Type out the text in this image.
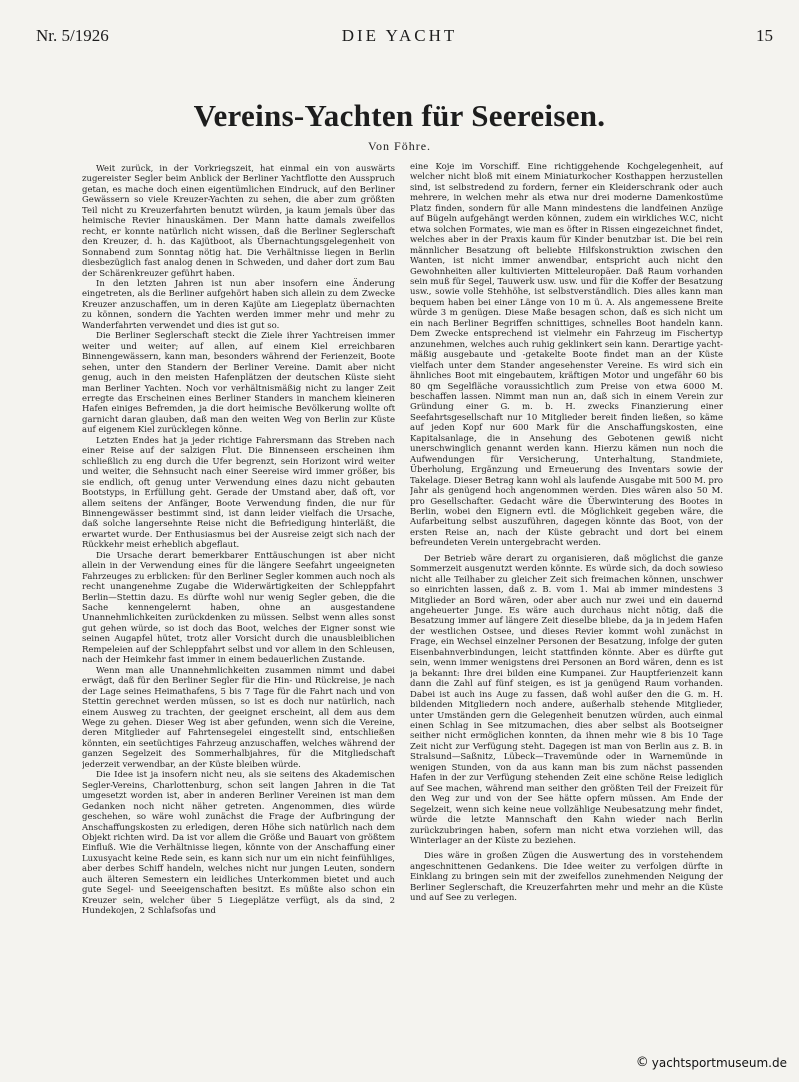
Nr. 5/1926	DIE YACHT	15
Vereins-Yachten für Seereisen.
Von Föhre.

Weit zurück, in der Vorkriegszeit, hat einmal ein von auswärts zugereister Segler beim Anblick der Berliner Yachtflotte den Ausspruch getan, es mache doch einen eigentümlichen Eindruck, auf den Berliner Gewässern so viele Kreuzer-Yachten zu sehen, die aber zum größten Teil nicht zu Kreuzerfahrten benutzt würden, ja kaum jemals über das heimische Revier hinauskämen. Der Mann hatte damals zweifellos recht, er konnte natürlich nicht wissen, daß die Berliner Seglerschaft den Kreuzer, d. h. das Kajütboot, als Übernachtungsgelegenheit von Sonnabend zum Sonntag nötig hat. Die Verhältnisse liegen in Berlin diesbezüglich fast analog denen in Schweden, und daher dort zum Bau der Schärenkreuzer geführt haben.

In den letzten Jahren ist nun aber insofern eine Änderung eingetreten, als die Berliner aufgehört haben sich allein zu dem Zwecke Kreuzer anzuschaffen, um in deren Kajüte am Liegeplatz übernachten zu können, sondern die Yachten werden immer mehr und mehr zu Wanderfahrten verwendet und dies ist gut so.

Die Berliner Seglerschaft steckt die Ziele ihrer Yachtreisen immer weiter und weiter; auf allen, auf einem Kiel erreichbaren Binnengewässern, kann man, besonders während der Ferienzeit, Boote sehen, unter den Standern der Berliner Vereine. Damit aber nicht genug, auch in den meisten Hafenplätzen der deutschen Küste sieht man Berliner Yachten. Noch vor verhältnismäßig nicht zu langer Zeit erregte das Erscheinen eines Berliner Standers in manchem kleineren Hafen einiges Befremden, ja die dort heimische Bevölkerung wollte oft garnicht daran glauben, daß man den weiten Weg von Berlin zur Küste auf eigenem Kiel zurücklegen könne.

Letzten Endes hat ja jeder richtige Fahrersmann das Streben nach einer Reise auf der salzigen Flut. Die Binnenseen erscheinen ihm schließlich zu eng durch die Ufer begrenzt, sein Horizont wird weiter und weiter, die Sehnsucht nach einer Seereise wird immer größer, bis sie endlich, oft genug unter Verwendung eines dazu nicht gebauten Bootstyps, in Erfüllung geht. Gerade der Umstand aber, daß oft, vor allem seitens der Anfänger, Boote Verwendung finden, die nur für Binnengewässer bestimmt sind, ist dann leider vielfach die Ursache, daß solche langersehnte Reise nicht die Befriedigung hinterläßt, die erwartet wurde. Der Enthusiasmus bei der Ausreise zeigt sich nach der Rückkehr meist erheblich abgeflaut.

Die Ursache derart bemerkbarer Enttäuschungen ist aber nicht allein in der Verwendung eines für die längere Seefahrt ungeeigneten Fahrzeuges zu erblicken: für den Berliner Segler kommen auch noch als recht unangenehme Zugabe die Widerwärtigkeiten der Schleppfahrt Berlin—Stettin dazu. Es dürfte wohl nur wenig Segler geben, die die Sache kennengelernt haben, ohne an ausgestandene Unannehmlichkeiten zurückdenken zu müssen. Selbst wenn alles sonst gut gehen würde, so ist doch das Boot, welches der Eigner sonst wie seinen Augapfel hütet, trotz aller Vorsicht durch die unausbleiblichen Rempeleien auf der Schleppfahrt selbst und vor allem in den Schleusen, nach der Heimkehr fast immer in einem bedauerlichen Zustande.

Wenn man alle Unannehmlichkeiten zusammen nimmt und dabei erwägt, daß für den Berliner Segler für die Hin- und Rückreise, je nach der Lage seines Heimathafens, 5 bis 7 Tage für die Fahrt nach und von Stettin gerechnet werden müssen, so ist es doch nur natürlich, nach einem Ausweg zu trachten, der geeignet erscheint, all dem aus dem Wege zu gehen. Dieser Weg ist aber gefunden, wenn sich die Vereine, deren Mitglieder auf Fahrtensegelei eingestellt sind, entschließen könnten, ein seetüchtiges Fahrzeug anzuschaffen, welches während der ganzen Segelzeit des Sommerhalbjahres, für die Mitgliedschaft jederzeit verwendbar, an der Küste bleiben würde.

Die Idee ist ja insofern nicht neu, als sie seitens des Akademischen Segler-Vereins, Charlottenburg, schon seit langen Jahren in die Tat umgesetzt worden ist, aber in anderen Berliner Vereinen ist man dem Gedanken noch nicht näher getreten. Angenommen, dies würde geschehen, so wäre wohl zunächst die Frage der Aufbringung der Anschaffungskosten zu erledigen, deren Höhe sich natürlich nach dem Objekt richten wird. Da ist vor allem die Größe und Bauart von größtem Einfluß. Wie die Verhältnisse liegen, könnte von der Anschaffung einer Luxusyacht keine Rede sein, es kann sich nur um ein nicht feinfühliges, aber derbes Schiff handeln, welches nicht nur jungen Leuten, sondern auch älteren Semestern ein leidliches Unterkommen bietet und auch gute Segel- und Seeeigenschaften besitzt. Es müßte also schon ein Kreuzer sein, welcher über 5 Liegeplätze verfügt, als da sind, 2 Hundekojen, 2 Schlafsofas und

eine Koje im Vorschiff. Eine richtiggehende Kochgelegenheit, auf welcher nicht bloß mit einem Miniaturkocher Kosthappen herzustellen sind, ist selbstredend zu fordern, ferner ein Kleiderschrank oder auch mehrere, in welchen mehr als etwa nur drei moderne Damenkostüme Platz finden, sondern für alle Mann mindestens die landfeinen Anzüge auf Bügeln aufgehängt werden können, zudem ein wirkliches W.C, nicht etwa solchen Formates, wie man es öfter in Rissen eingezeichnet findet, welches aber in der Praxis kaum für Kinder benutzbar ist. Die bei rein männlicher Besatzung oft beliebte Hilfskonstruktion zwischen den Wanten, ist nicht immer anwendbar, entspricht auch nicht den Gewohnheiten aller kultivierten Mitteleuropäer. Daß Raum vorhanden sein muß für Segel, Tauwerk usw. usw. und für die Koffer der Besatzung usw., sowie volle Stehhöhe, ist selbstverständlich. Dies alles kann man bequem haben bei einer Länge von 10 m ü. A. Als angemessene Breite würde 3 m genügen. Diese Maße besagen schon, daß es sich nicht um ein nach Berliner Begriffen schnittiges, schnelles Boot handeln kann. Dem Zwecke entsprechend ist vielmehr ein Fahrzeug im Fischertyp anzunehmen, welches auch ruhig geklinkert sein kann. Derartige yacht-mäßig ausgebaute und -getakelte Boote findet man an der Küste vielfach unter dem Stander angesehenster Vereine. Es wird sich ein ähnliches Boot mit eingebautem, kräftigen Motor und ungefähr 60 bis 80 qm Segelfläche voraussichtlich zum Preise von etwa 6000 M. beschaffen lassen. Nimmt man nun an, daß sich in einem Verein zur Gründung einer G. m. b. H. zwecks Finanzierung einer Seefahrtsgesellschaft nur 10 Mitglieder bereit finden ließen, so käme auf jeden Kopf nur 600 Mark für die Anschaffungskosten, eine Kapitalsanlage, die in Ansehung des Gebotenen gewiß nicht unerschwinglich genannt werden kann. Hierzu kämen nun noch die Aufwendungen für Versicherung, Unterhaltung, Standmiete, Überholung, Ergänzung und Erneuerung des Inventars sowie der Takelage. Dieser Betrag kann wohl als laufende Ausgabe mit 500 M. pro Jahr als genügend hoch angenommen werden. Dies wären also 50 M. pro Gesellschafter. Gedacht wäre die Überwinterung des Bootes in Berlin, wobei den Eignern evtl. die Möglichkeit gegeben wäre, die Aufarbeitung selbst auszuführen, dagegen könnte das Boot, von der ersten Reise an, nach der Küste gebracht und dort bei einem befreundeten Verein untergebracht werden.

Der Betrieb wäre derart zu organisieren, daß möglichst die ganze Sommerzeit ausgenutzt werden könnte. Es würde sich, da doch sowieso nicht alle Teilhaber zu gleicher Zeit sich freimachen können, unschwer so einrichten lassen, daß z. B. vom 1. Mai ab immer mindestens 3 Mitglieder an Bord wären, oder aber auch nur zwei und ein dauernd angeheuerter Junge. Es wäre auch durchaus nicht nötig, daß die Besatzung immer auf längere Zeit dieselbe bliebe, da ja in jedem Hafen der westlichen Ostsee, und dieses Revier kommt wohl zunächst in Frage, ein Wechsel einzelner Personen der Besatzung, infolge der guten Eisenbahnverbindungen, leicht stattfinden könnte. Aber es dürfte gut sein, wenn immer wenigstens drei Personen an Bord wären, denn es ist ja bekannt: Ihre drei bilden eine Kumpanei. Zur Hauptferienzeit kann dann die Zahl auf fünf steigen, es ist ja genügend Raum vorhanden. Dabei ist auch ins Auge zu fassen, daß wohl außer den die G. m. H. bildenden Mitgliedern noch andere, außerhalb stehende Mitglieder, unter Umständen gern die Gelegenheit benutzen würden, auch einmal einen Schlag in See mitzumachen, dies aber selbst als Bootseigner seither nicht ermöglichen konnten, da ihnen mehr wie 8 bis 10 Tage Zeit nicht zur Verfügung steht. Dagegen ist man von Berlin aus z. B. in Stralsund—Saßnitz, Lübeck—Travemünde oder in Warnemünde in wenigen Stunden, von da aus kann man bis zum nächst passenden Hafen in der zur Verfügung stehenden Zeit eine schöne Reise lediglich auf See machen, während man seither den größten Teil der Freizeit für den Weg zur und von der See hätte opfern müssen. Am Ende der Segelzeit, wenn sich keine neue vollzählige Neubesatzung mehr findet, würde die letzte Mannschaft den Kahn wieder nach Berlin zurückzubringen haben, sofern man nicht etwa vorziehen will, das Winterlager an der Küste zu beziehen.

Dies wäre in großen Zügen die Auswertung des in vorstehendem angeschnittenen Gedankens. Die Idee weiter zu verfolgen dürfte in Einklang zu bringen sein mit der zweifellos zunehmenden Neigung der Berliner Seglerschaft, die Kreuzerfahrten mehr und mehr an die Küste und auf See zu verlegen.

© yachtsportmuseum.de
